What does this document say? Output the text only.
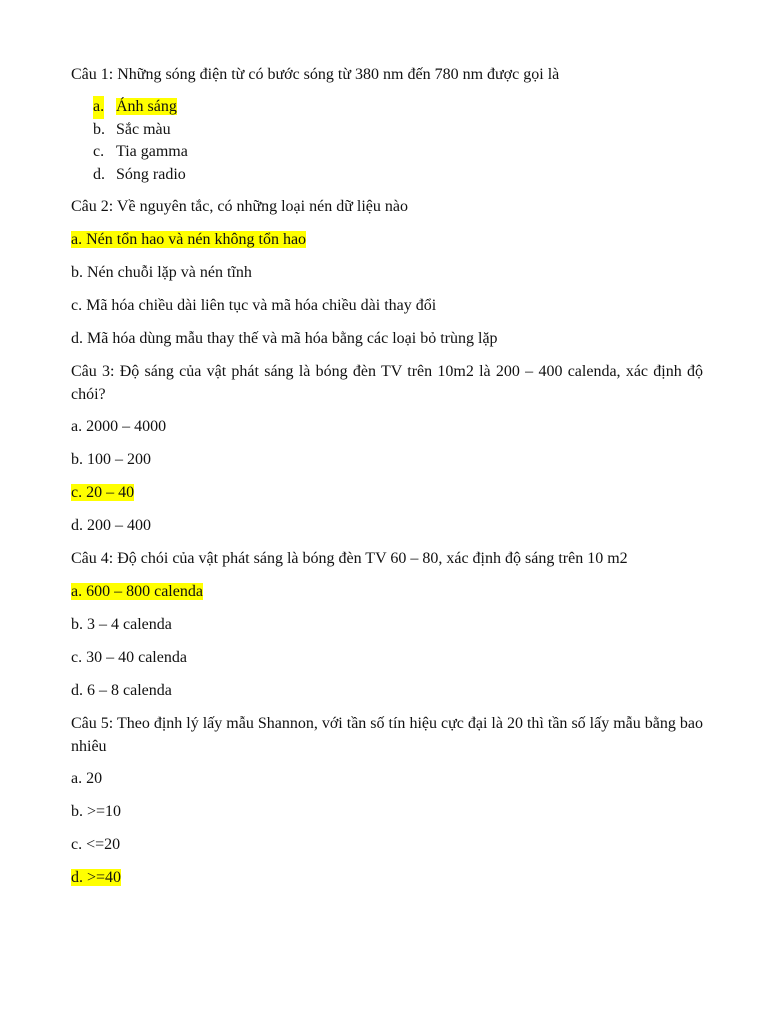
Câu 1: Những sóng điện từ có bước sóng từ 380 nm đến 780 nm được gọi là

a. Ánh sáng
b. Sắc màu
c. Tia gamma
d. Sóng radio

Câu 2: Về nguyên tắc, có những loại nén dữ liệu nào

a. Nén tổn hao và nén không tổn hao

b. Nén chuỗi lặp và nén tĩnh

c. Mã hóa chiều dài liên tục và mã hóa chiều dài thay đổi

d. Mã hóa dùng mẫu thay thế và mã hóa bằng các loại bỏ trùng lặp

Câu 3: Độ sáng của vật phát sáng là bóng đèn TV trên 10m2 là 200 – 400 calenda, xác định độ chói?

a. 2000 – 4000

b. 100 – 200

c. 20 – 40

d. 200 – 400

Câu 4: Độ chói của vật phát sáng là bóng đèn TV 60 – 80, xác định độ sáng trên 10 m2

a. 600 – 800 calenda

b. 3 – 4 calenda

c. 30 – 40 calenda

d. 6 – 8 calenda

Câu 5: Theo định lý lấy mẫu Shannon, với tần số tín hiệu cực đại là 20 thì tần số lấy mẫu bằng bao nhiêu

a. 20

b. >=10

c. <=20

d. >=40
